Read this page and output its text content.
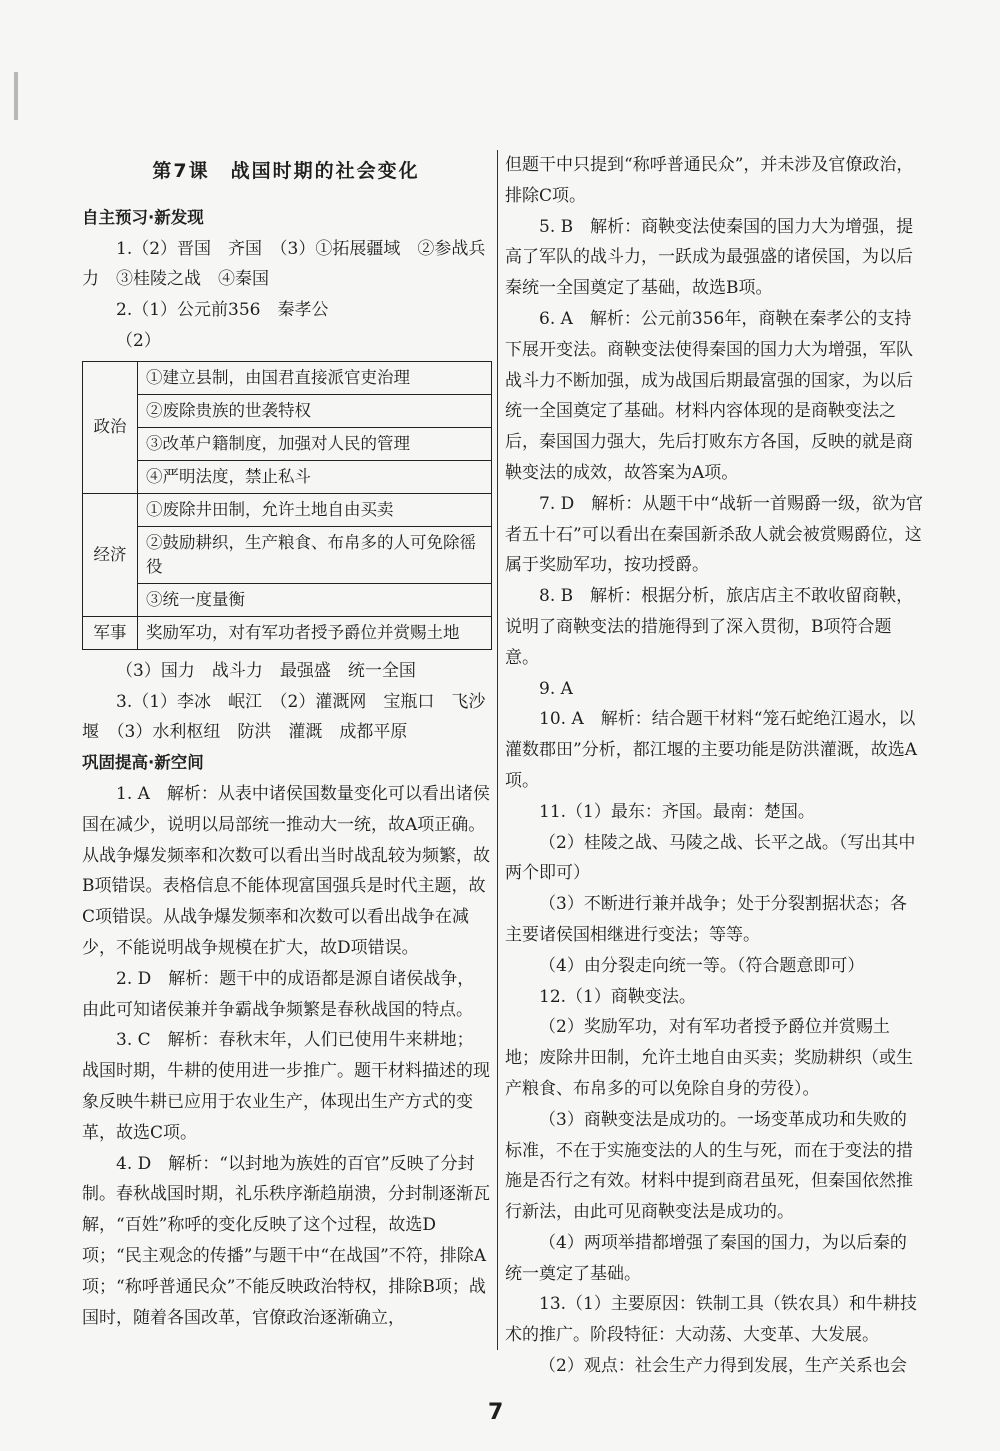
第7课　战国时期的社会变化

自主预习·新发现

1.（2）晋国　齐国　（3）①拓展疆域　②参战兵力　③桂陵之战　④秦国

2.（1）公元前356　秦孝公

（2）

政治	①建立县制，由国君直接派官吏治理
	②废除贵族的世袭特权
	③改革户籍制度，加强对人民的管理
	④严明法度，禁止私斗
经济	①废除井田制，允许土地自由买卖
	②鼓励耕织，生产粮食、布帛多的人可免除徭役
	③统一度量衡
军事	奖励军功，对有军功者授予爵位并赏赐土地

（3）国力　战斗力　最强盛　统一全国

3.（1）李冰　岷江　（2）灌溉网　宝瓶口　飞沙堰　（3）水利枢纽　防洪　灌溉　成都平原

巩固提高·新空间

1. A　解析：从表中诸侯国数量变化可以看出诸侯国在减少，说明以局部统一推动大一统，故A项正确。从战争爆发频率和次数可以看出当时战乱较为频繁，故B项错误。表格信息不能体现富国强兵是时代主题，故C项错误。从战争爆发频率和次数可以看出战争在减少，不能说明战争规模在扩大，故D项错误。

2. D　解析：题干中的成语都是源自诸侯战争，由此可知诸侯兼并争霸战争频繁是春秋战国的特点。

3. C　解析：春秋末年，人们已使用牛来耕地；战国时期，牛耕的使用进一步推广。题干材料描述的现象反映牛耕已应用于农业生产，体现出生产方式的变革，故选C项。

4. D　解析：“以封地为族姓的百官”反映了分封制。春秋战国时期，礼乐秩序渐趋崩溃，分封制逐渐瓦解，“百姓”称呼的变化反映了这个过程，故选D项；“民主观念的传播”与题干中“在战国”不符，排除A项；“称呼普通民众”不能反映政治特权，排除B项；战国时，随着各国改革，官僚政治逐渐确立，

但题干中只提到“称呼普通民众”，并未涉及官僚政治，排除C项。

5. B　解析：商鞅变法使秦国的国力大为增强，提高了军队的战斗力，一跃成为最强盛的诸侯国，为以后秦统一全国奠定了基础，故选B项。

6. A　解析：公元前356年，商鞅在秦孝公的支持下展开变法。商鞅变法使得秦国的国力大为增强，军队战斗力不断加强，成为战国后期最富强的国家，为以后统一全国奠定了基础。材料内容体现的是商鞅变法之后，秦国国力强大，先后打败东方各国，反映的就是商鞅变法的成效，故答案为A项。

7. D　解析：从题干中“战斩一首赐爵一级，欲为官者五十石”可以看出在秦国新杀敌人就会被赏赐爵位，这属于奖励军功，按功授爵。

8. B　解析：根据分析，旅店店主不敢收留商鞅，说明了商鞅变法的措施得到了深入贯彻，B项符合题意。

9. A

10. A　解析：结合题干材料“笼石蛇绝江遏水，以灌数郡田”分析，都江堰的主要功能是防洪灌溉，故选A项。

11.（1）最东：齐国。最南：楚国。

（2）桂陵之战、马陵之战、长平之战。（写出其中两个即可）

（3）不断进行兼并战争；处于分裂割据状态；各主要诸侯国相继进行变法；等等。

（4）由分裂走向统一等。（符合题意即可）

12.（1）商鞅变法。

（2）奖励军功，对有军功者授予爵位并赏赐土地；废除井田制，允许土地自由买卖；奖励耕织（或生产粮食、布帛多的可以免除自身的劳役）。

（3）商鞅变法是成功的。一场变革成功和失败的标准，不在于实施变法的人的生与死，而在于变法的措施是否行之有效。材料中提到商君虽死，但秦国依然推行新法，由此可见商鞅变法是成功的。

（4）两项举措都增强了秦国的国力，为以后秦的统一奠定了基础。

13.（1）主要原因：铁制工具（铁农具）和牛耕技术的推广。阶段特征：大动荡、大变革、大发展。

（2）观点：社会生产力得到发展，生产关系也会

7
